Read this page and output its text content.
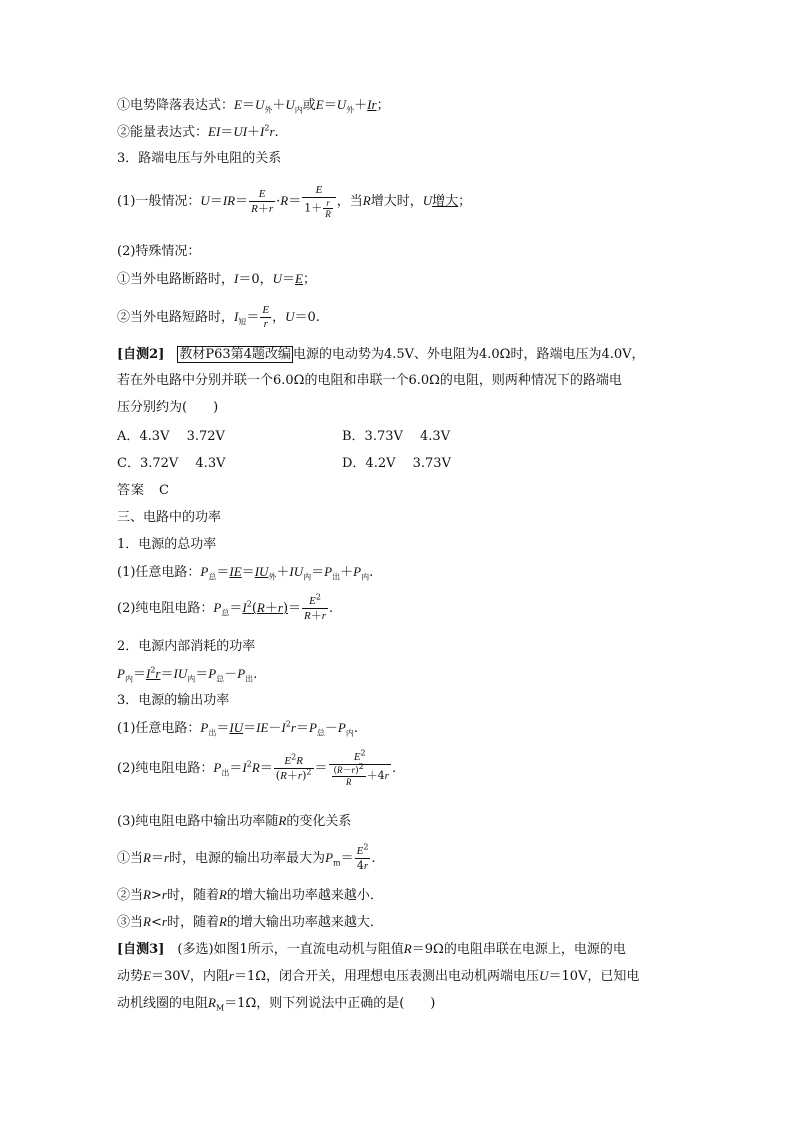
①电势降落表达式：$E=U_外+U_内$或$E=U_外+Ir$；
②能量表达式：$EI=UI+I^2r$.
3．路端电压与外电阻的关系
(1)一般情况：$U=IR= \frac{E}{R+r} \cdot R= \frac{E}{1+ \frac{r}{R}}$ ，当R增大时，U增大；
(2)特殊情况：
①当外电路断路时，I＝0，U＝E；
②当外电路短路时，$I_短= \frac{E}{r}$ ，U＝0.
[自测2]　 教材P63第4题改编 电源的电动势为4.5V、外电阻为4.0Ω时，路端电压为4.0V，
若在外电路中分别并联一个6.0Ω的电阻和串联一个6.0Ω的电阻，则两种情况下的路端电
压分别约为(　　)
A．4.3V　 3.72V	B．3.73V　 4.3V
C．3.72V　 4.3V	D．4.2V　 3.73V
答案　C
三、电路中的功率
1．电源的总功率
(1)任意电路：$P_总=IE=IU_外+IU_内=P_出+P_内$.
(2)纯电阻电路：$P_总=I^2(R+r)= \frac{E^2}{R+r}$ .
2．电源内部消耗的功率
$P_内=I^2r=IU_内=P_总-P_出$.
3．电源的输出功率
(1)任意电路：$P_出=IU=IE-I^2r=P_总-P_内$.
(2)纯电阻电路：$P_出=I^2R= \frac{E^2R}{(R+r)^2} = \frac{E^2}{\frac{(R-r)^2}{R} +4r}$ .
(3)纯电阻电路中输出功率随R的变化关系
①当R＝r时，电源的输出功率最大为$P_m= \frac{E^2}{4r}$ .
②当R>r时，随着R的增大输出功率越来越小．
③当R<r时，随着R的增大输出功率越来越大．
[自测3]　 (多选)如图1所示，一直流电动机与阻值R＝9Ω的电阻串联在电源上，电源的电
动势E＝30V，内阻r＝1Ω，闭合开关，用理想电压表测出电动机两端电压U＝10V，已知电
动机线圈的电阻$R_M=1\Omega$，则下列说法中正确的是(　　)
